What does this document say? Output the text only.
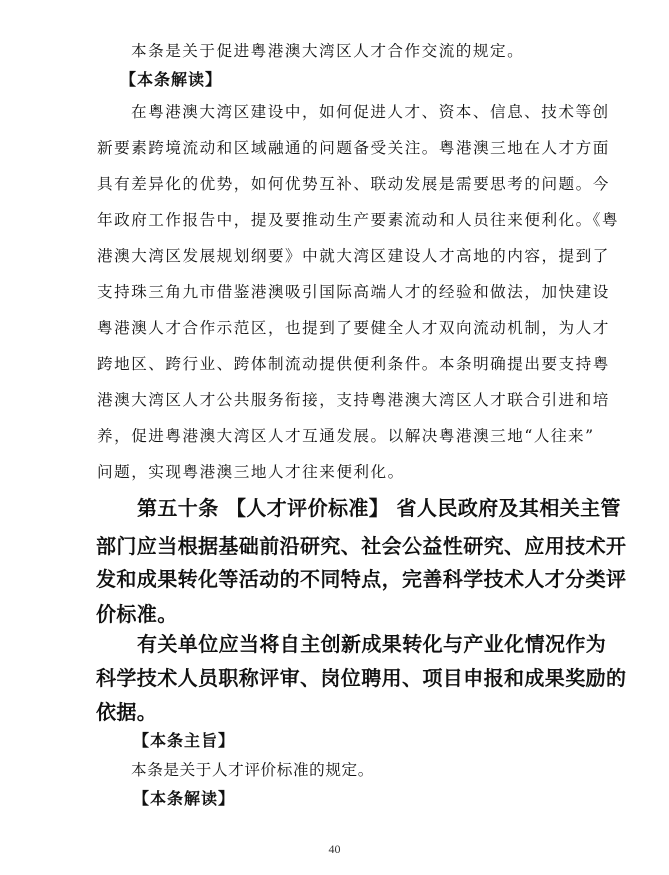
本条是关于促进粤港澳大湾区人才合作交流的规定。
【本条解读】
在粤港澳大湾区建设中，如何促进人才、资本、信息、技术等创
新要素跨境流动和区域融通的问题备受关注。粤港澳三地在人才方面
具有差异化的优势，如何优势互补、联动发展是需要思考的问题。今
年政府工作报告中，提及要推动生产要素流动和人员往来便利化。《粤
港澳大湾区发展规划纲要》中就大湾区建设人才高地的内容，提到了
支持珠三角九市借鉴港澳吸引国际高端人才的经验和做法，加快建设
粤港澳人才合作示范区，也提到了要健全人才双向流动机制，为人才
跨地区、跨行业、跨体制流动提供便利条件。本条明确提出要支持粤
港澳大湾区人才公共服务衔接，支持粤港澳大湾区人才联合引进和培
养，促进粤港澳大湾区人才互通发展。以解决粤港澳三地“人往来”
问题，实现粤港澳三地人才往来便利化。
第五十条 【人才评价标准】 省人民政府及其相关主管
部门应当根据基础前沿研究、社会公益性研究、应用技术开
发和成果转化等活动的不同特点，完善科学技术人才分类评
价标准。
有关单位应当将自主创新成果转化与产业化情况作为
科学技术人员职称评审、岗位聘用、项目申报和成果奖励的
依据。
【本条主旨】
本条是关于人才评价标准的规定。
【本条解读】
40
